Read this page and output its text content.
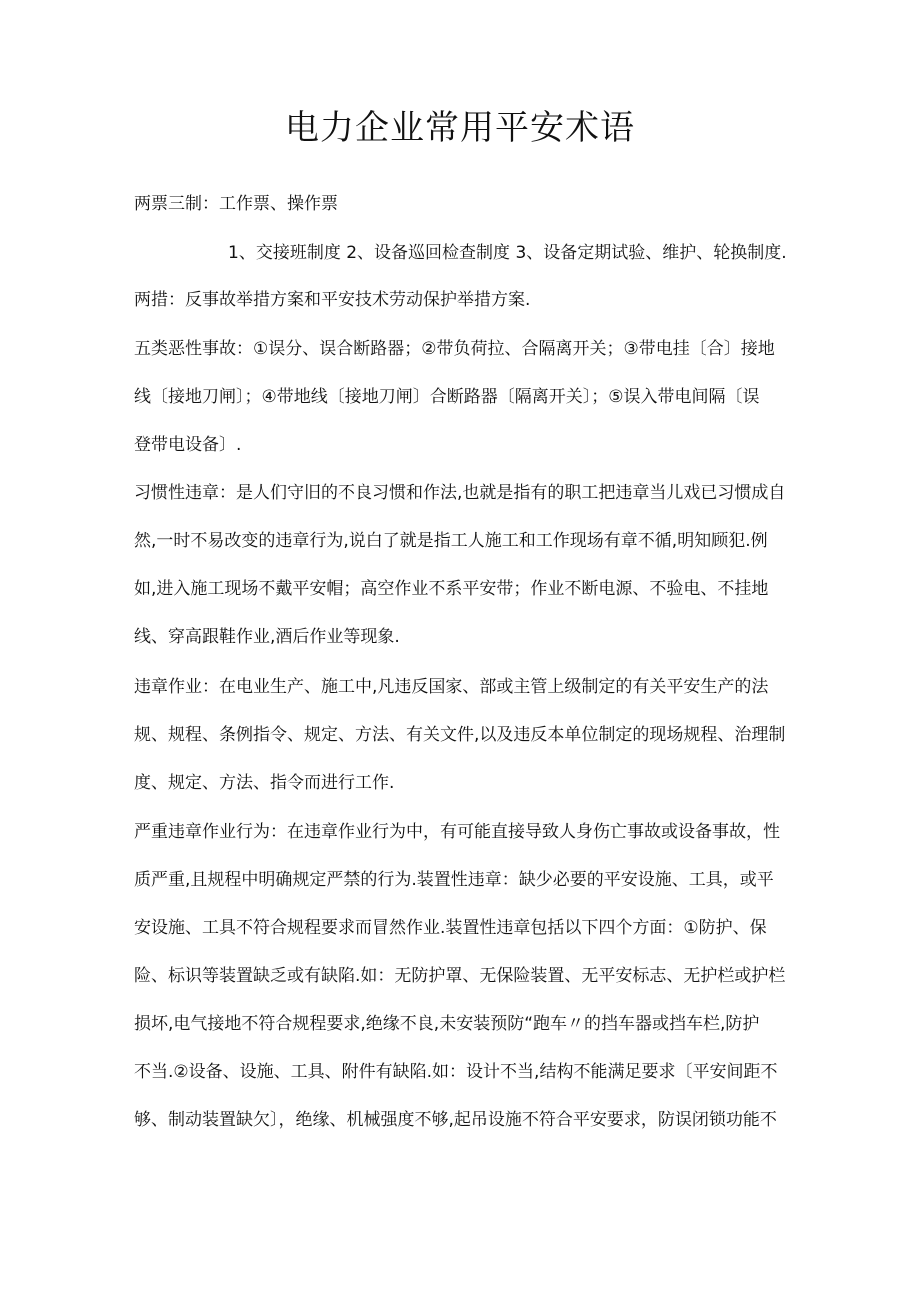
电力企业常用平安术语
两票三制：工作票、操作票
1、交接班制度 2、设备巡回检查制度 3、设备定期试验、维护、轮换制度.
两措：反事故举措方案和平安技术劳动保护举措方案.
五类恶性事故：①误分、误合断路器；②带负荷拉、合隔离开关；③带电挂〔合〕接地
线〔接地刀闸〕；④带地线〔接地刀闸〕合断路器〔隔离开关〕；⑤误入带电间隔〔误
登带电设备〕.
习惯性违章：是人们守旧的不良习惯和作法,也就是指有的职工把违章当儿戏已习惯成自
然,一时不易改变的违章行为,说白了就是指工人施工和工作现场有章不循,明知顾犯.例
如,进入施工现场不戴平安帽；高空作业不系平安带；作业不断电源、不验电、不挂地
线、穿高跟鞋作业,酒后作业等现象.
违章作业：在电业生产、施工中,凡违反国家、部或主管上级制定的有关平安生产的法
规、规程、条例指令、规定、方法、有关文件,以及违反本单位制定的现场规程、治理制
度、规定、方法、指令而进行工作.
严重违章作业行为：在违章作业行为中，有可能直接导致人身伤亡事故或设备事故，性
质严重,且规程中明确规定严禁的行为.装置性违章：缺少必要的平安设施、工具，或平
安设施、工具不符合规程要求而冒然作业.装置性违章包括以下四个方面：①防护、保
险、标识等装置缺乏或有缺陷.如：无防护罩、无保险装置、无平安标志、无护栏或护栏
损坏,电气接地不符合规程要求,绝缘不良,未安装预防“跑车〃的挡车器或挡车栏,防护
不当.②设备、设施、工具、附件有缺陷.如：设计不当,结构不能满足要求〔平安间距不
够、制动装置缺欠〕，绝缘、机械强度不够,起吊设施不符合平安要求，防误闭锁功能不
